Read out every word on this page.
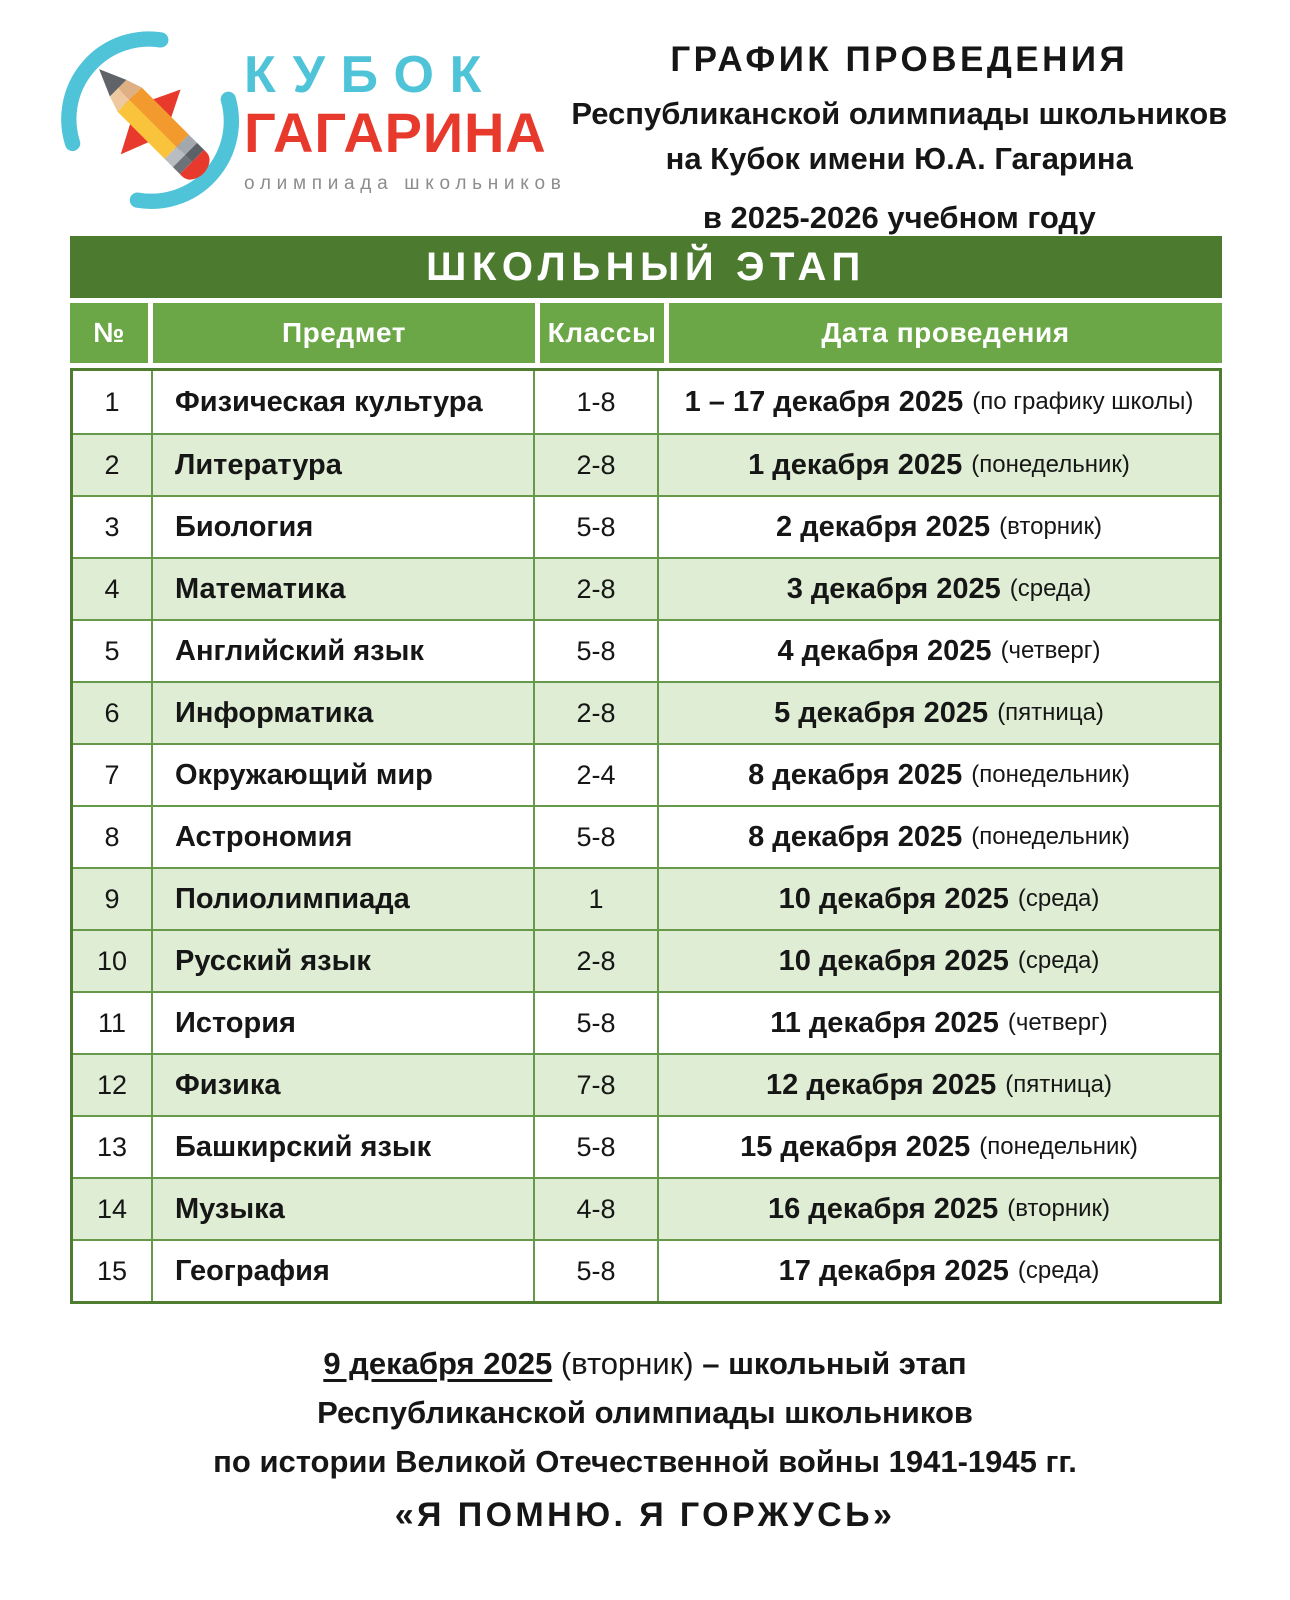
КУБОК
ГАГАРИНА
олимпиада школьников
ГРАФИК ПРОВЕДЕНИЯ
Республиканской олимпиады школьников
на Кубок имени Ю.А. Гагарина
в 2025-2026 учебном году
ШКОЛЬНЫЙ ЭТАП
№	Предмет	Классы	Дата проведения
1	Физическая культура	1-8	1 – 17 декабря 2025 (по графику школы)
2	Литература	2-8	1 декабря 2025 (понедельник)
3	Биология	5-8	2 декабря 2025 (вторник)
4	Математика	2-8	3 декабря 2025 (среда)
5	Английский язык	5-8	4 декабря 2025 (четверг)
6	Информатика	2-8	5 декабря 2025 (пятница)
7	Окружающий мир	2-4	8 декабря 2025 (понедельник)
8	Астрономия	5-8	8 декабря 2025 (понедельник)
9	Полиолимпиада	1	10 декабря 2025 (среда)
10	Русский язык	2-8	10 декабря 2025 (среда)
11	История	5-8	11 декабря 2025 (четверг)
12	Физика	7-8	12 декабря 2025 (пятница)
13	Башкирский язык	5-8	15 декабря 2025 (понедельник)
14	Музыка	4-8	16 декабря 2025 (вторник)
15	География	5-8	17 декабря 2025 (среда)
9 декабря 2025 (вторник) – школьный этап
Республиканской олимпиады школьников
по истории Великой Отечественной войны 1941-1945 гг.
«Я ПОМНЮ. Я ГОРЖУСЬ»
